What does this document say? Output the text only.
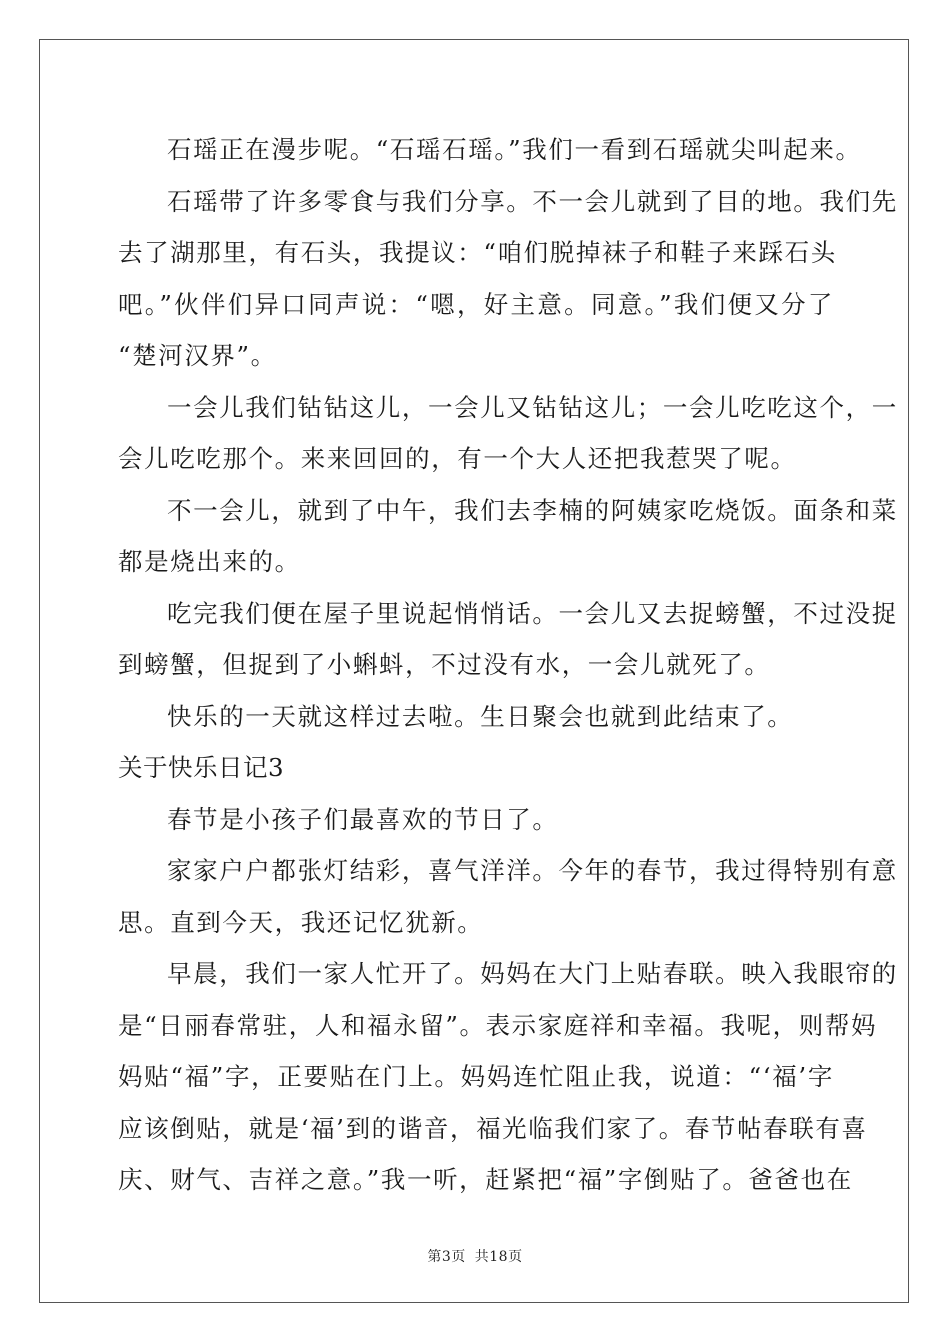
石瑶正在漫步呢。“石瑶石瑶。”我们一看到石瑶就尖叫起来。
石瑶带了许多零食与我们分享。不一会儿就到了目的地。我们先
去了湖那里，有石头，我提议：“咱们脱掉袜子和鞋子来踩石头
吧。”伙伴们异口同声说：“嗯，好主意。同意。”我们便又分了
“楚河汉界”。
一会儿我们钻钻这儿，一会儿又钻钻这儿；一会儿吃吃这个，一
会儿吃吃那个。来来回回的，有一个大人还把我惹哭了呢。
不一会儿，就到了中午，我们去李楠的阿姨家吃烧饭。面条和菜
都是烧出来的。
吃完我们便在屋子里说起悄悄话。一会儿又去捉螃蟹，不过没捉
到螃蟹，但捉到了小蝌蚪，不过没有水，一会儿就死了。
快乐的一天就这样过去啦。生日聚会也就到此结束了。
关于快乐日记3
春节是小孩子们最喜欢的节日了。
家家户户都张灯结彩，喜气洋洋。今年的春节，我过得特别有意
思。直到今天，我还记忆犹新。
早晨，我们一家人忙开了。妈妈在大门上贴春联。映入我眼帘的
是“日丽春常驻，人和福永留”。表示家庭祥和幸福。我呢，则帮妈
妈贴“福”字，正要贴在门上。妈妈连忙阻止我，说道：“‘福’字
应该倒贴，就是‘福’到的谐音，福光临我们家了。春节帖春联有喜
庆、财气、吉祥之意。”我一听，赶紧把“福”字倒贴了。爸爸也在
第3页 共18页
